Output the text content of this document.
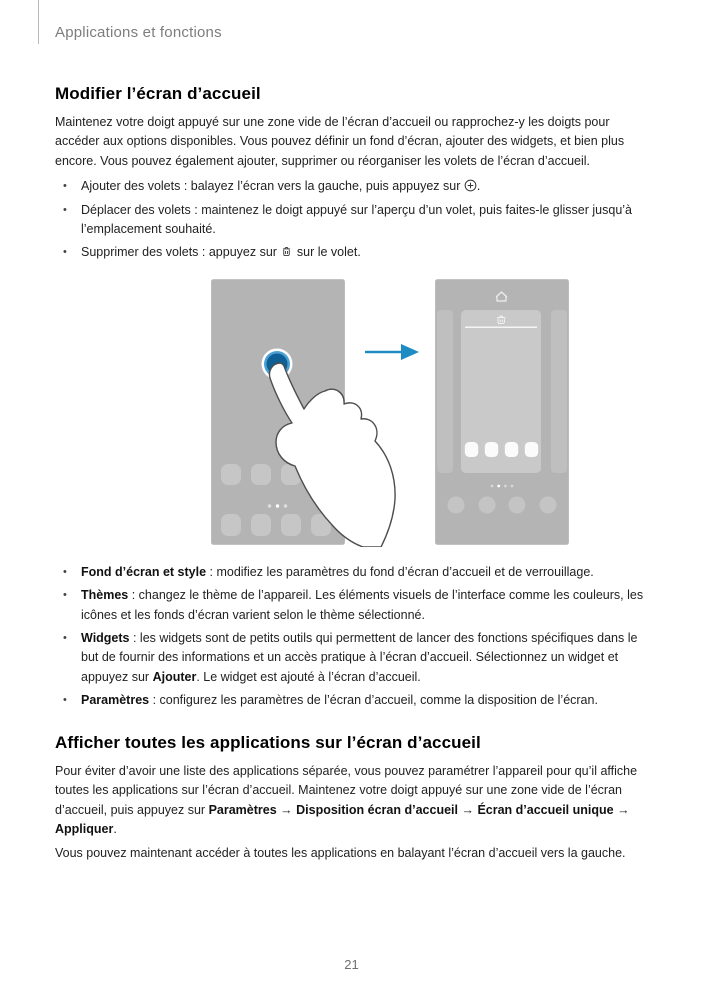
Applications et fonctions
Modifier l’écran d’accueil

Maintenez votre doigt appuyé sur une zone vide de l’écran d’accueil ou rapprochez-y les doigts pour accéder aux options disponibles. Vous pouvez définir un fond d’écran, ajouter des widgets, et bien plus encore. Vous pouvez également ajouter, supprimer ou réorganiser les volets de l’écran d’accueil.

• Ajouter des volets : balayez l’écran vers la gauche, puis appuyez sur .
• Déplacer des volets : maintenez le doigt appuyé sur l’aperçu d’un volet, puis faites-le glisser jusqu’à l’emplacement souhaité.
• Supprimer des volets : appuyez sur  sur le volet.
• Fond d’écran et style : modifiez les paramètres du fond d’écran d’accueil et de verrouillage.
• Thèmes : changez le thème de l’appareil. Les éléments visuels de l’interface comme les couleurs, les icônes et les fonds d’écran varient selon le thème sélectionné.
• Widgets : les widgets sont de petits outils qui permettent de lancer des fonctions spécifiques dans le but de fournir des informations et un accès pratique à l’écran d’accueil. Sélectionnez un widget et appuyez sur Ajouter. Le widget est ajouté à l’écran d’accueil.
• Paramètres : configurez les paramètres de l’écran d’accueil, comme la disposition de l’écran.
Afficher toutes les applications sur l’écran d’accueil

Pour éviter d’avoir une liste des applications séparée, vous pouvez paramétrer l’appareil pour qu’il affiche toutes les applications sur l’écran d’accueil. Maintenez votre doigt appuyé sur une zone vide de l’écran d’accueil, puis appuyez sur Paramètres → Disposition écran d’accueil → Écran d’accueil unique → Appliquer.

Vous pouvez maintenant accéder à toutes les applications en balayant l’écran d’accueil vers la gauche.

21
